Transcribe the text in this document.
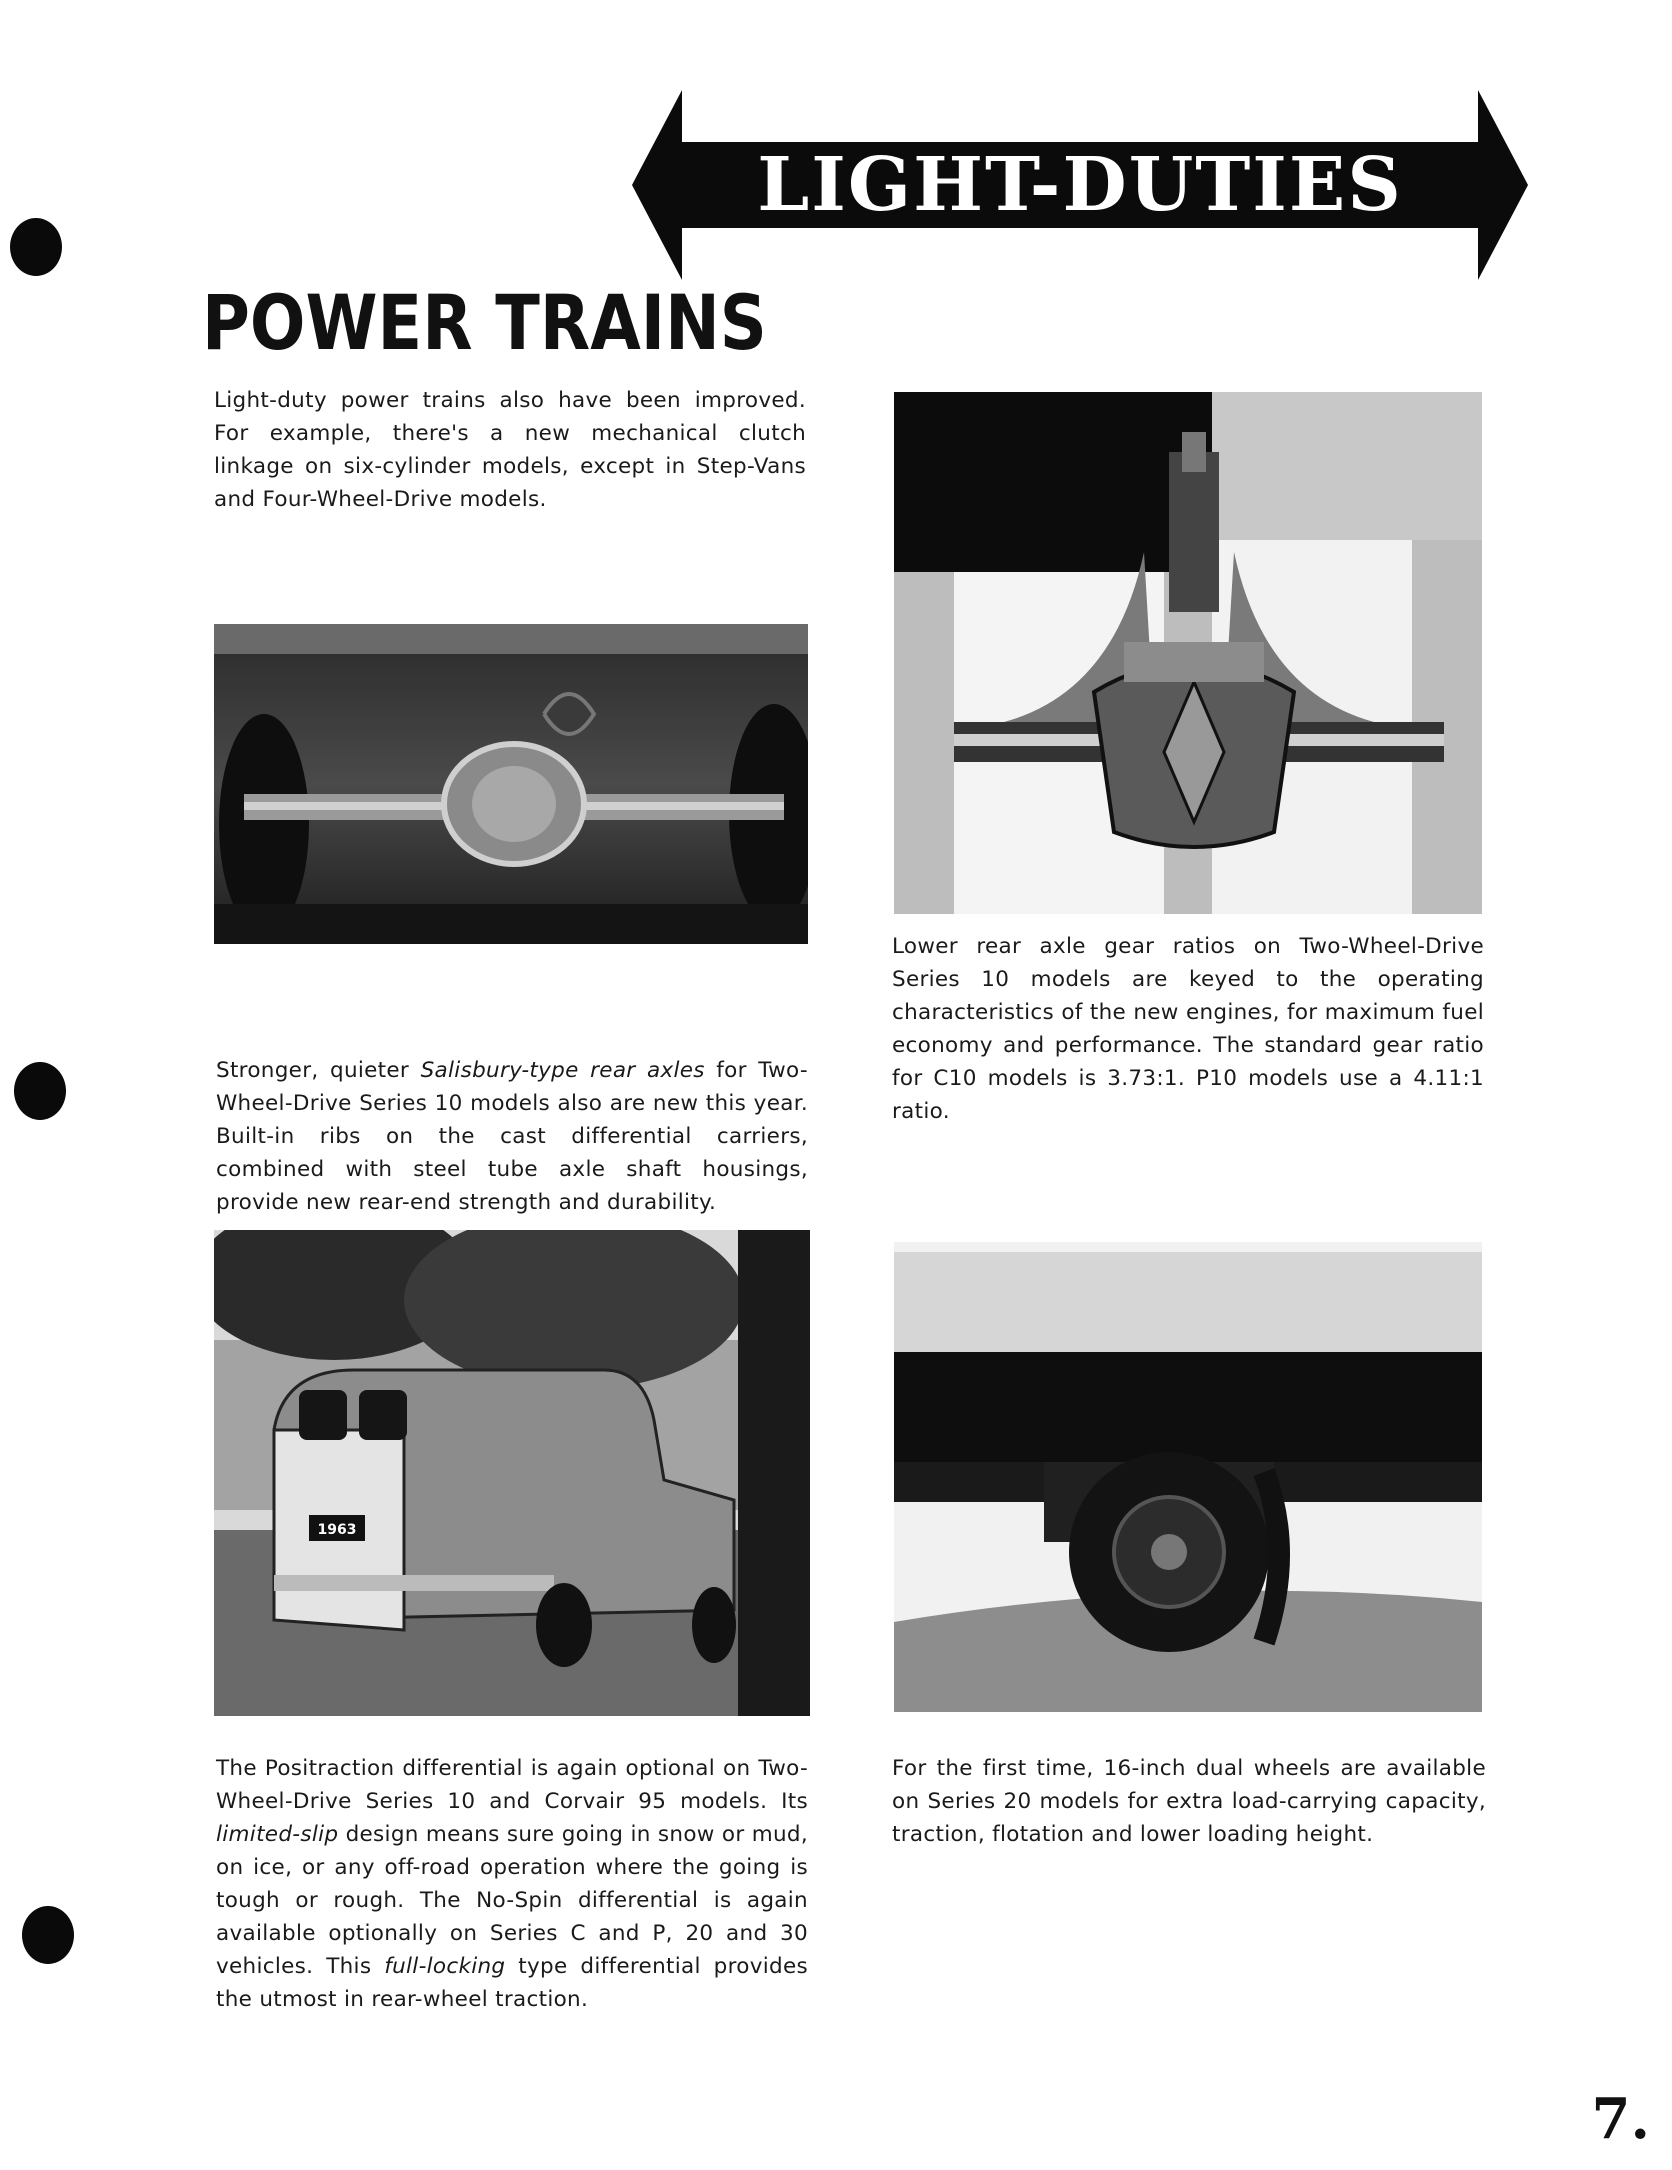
LIGHT-DUTIES
POWER TRAINS

Light-duty power trains also have been improved. For example, there's a new mechanical clutch linkage on six-cylinder models, except in Step-Vans and Four-Wheel-Drive models.

Stronger, quieter Salisbury-type rear axles for Two-Wheel-Drive Series 10 models also are new this year. Built-in ribs on the cast differential carriers, combined with steel tube axle shaft housings, provide new rear-end strength and durability.

Lower rear axle gear ratios on Two-Wheel-Drive Series 10 models are keyed to the operating characteristics of the new engines, for maximum fuel economy and performance. The standard gear ratio for C10 models is 3.73:1. P10 models use a 4.11:1 ratio.

1963

The Positraction differential is again optional on Two-Wheel-Drive Series 10 and Corvair 95 models. Its limited-slip design means sure going in snow or mud, on ice, or any off-road operation where the going is tough or rough. The No-Spin differential is again available optionally on Series C and P, 20 and 30 vehicles. This full-locking type differential provides the utmost in rear-wheel traction.

For the first time, 16-inch dual wheels are available on Series 20 models for extra load-carrying capacity, traction, flotation and lower loading height.

7.
